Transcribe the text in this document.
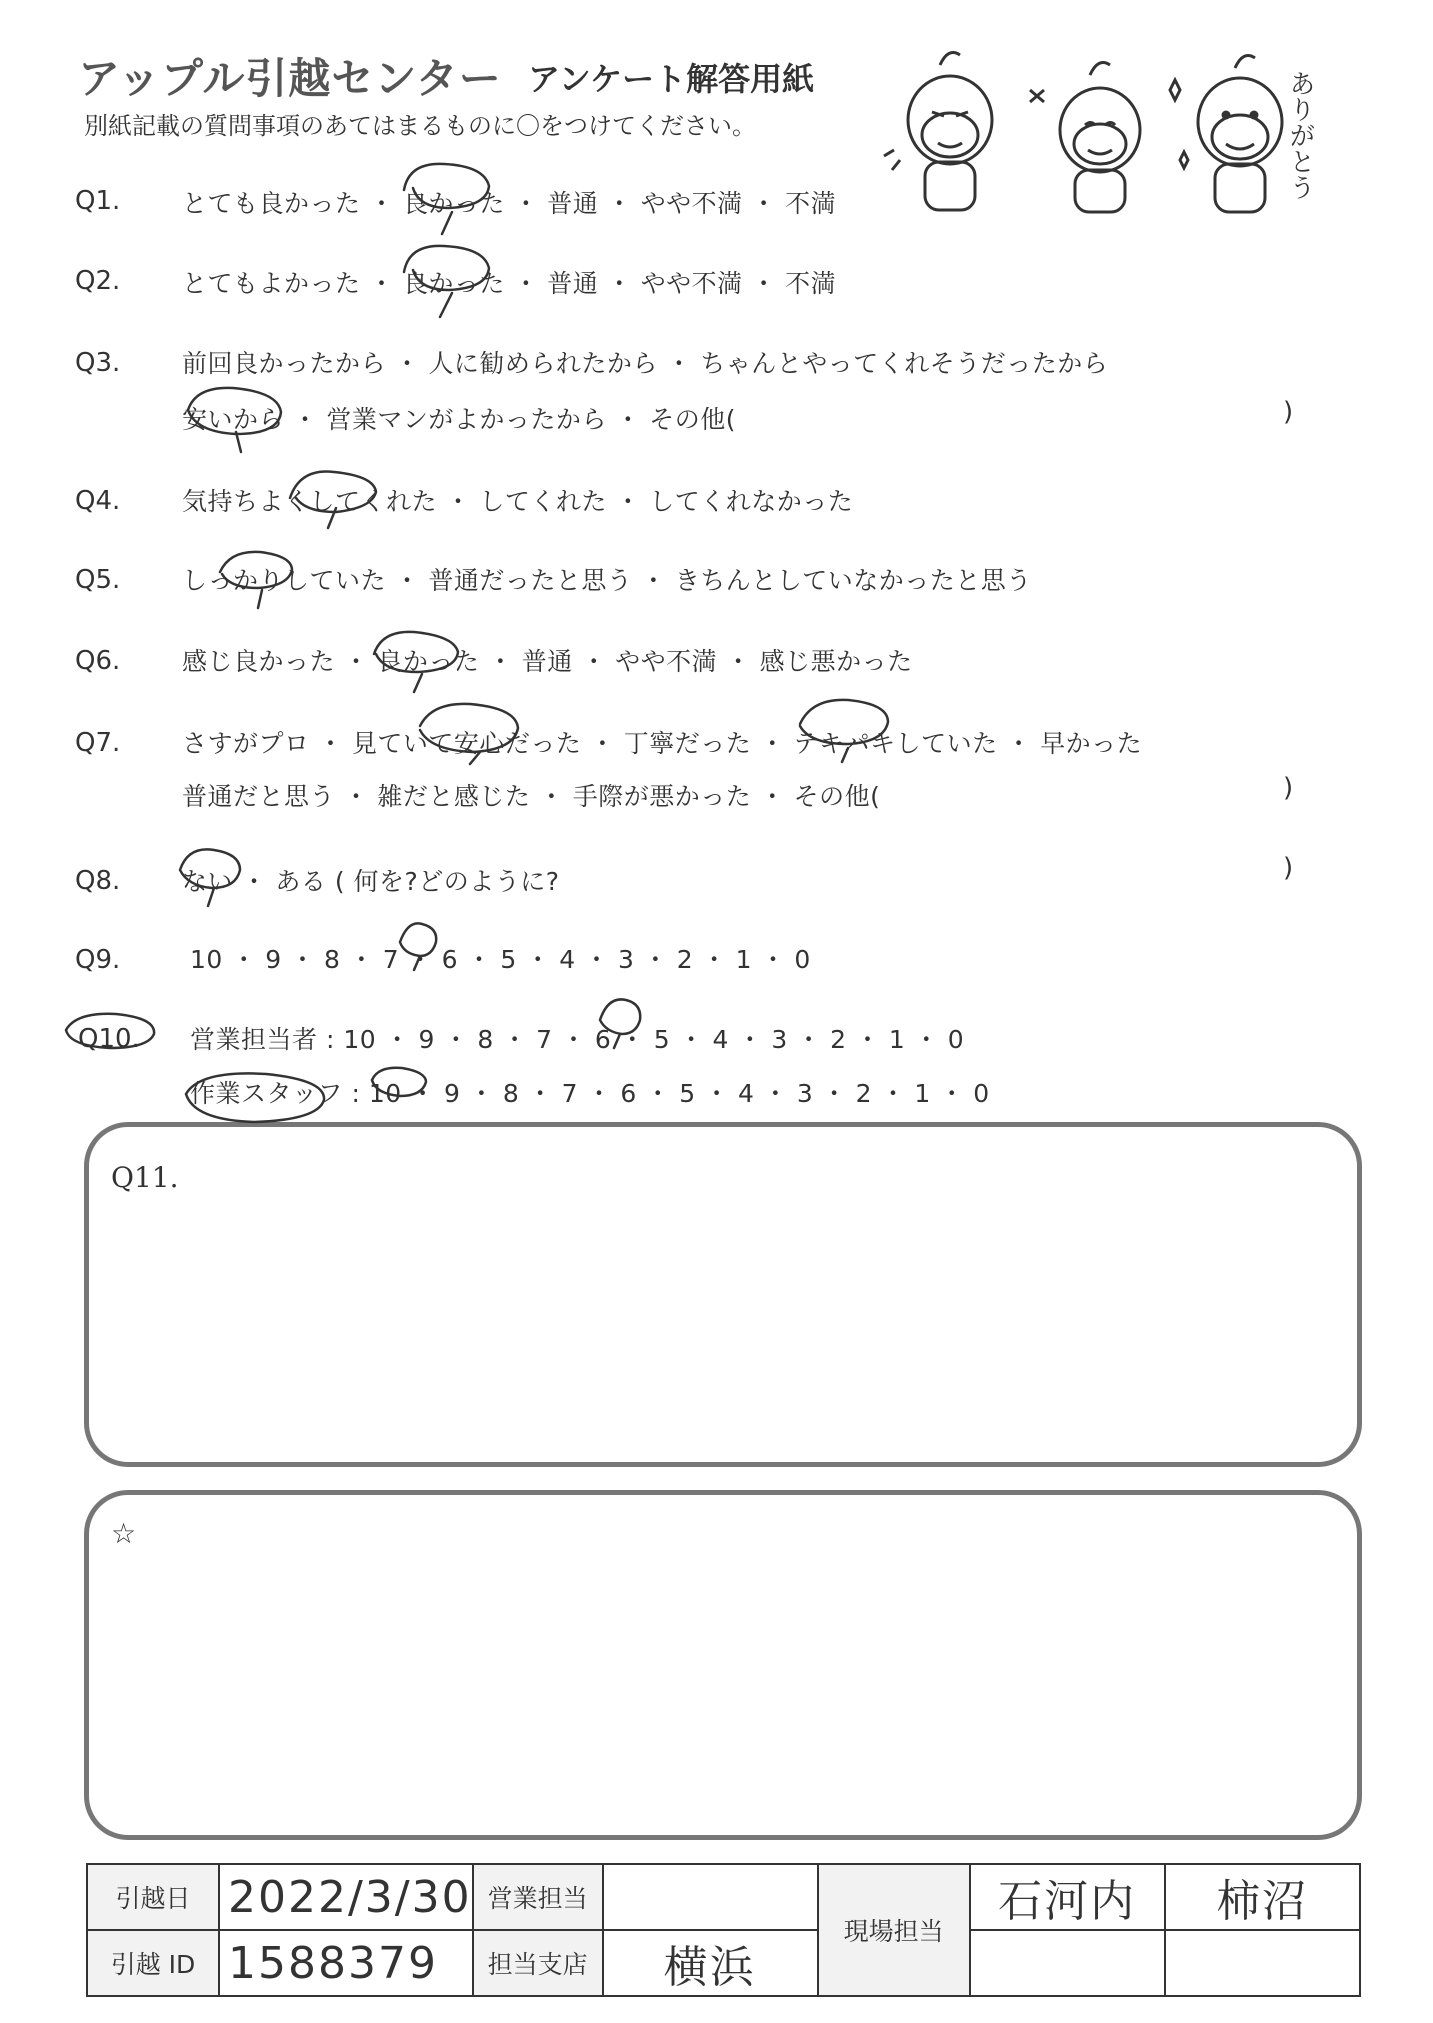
アップル引越センター アンケート解答用紙
別紙記載の質問事項のあてはまるものに〇をつけてください。	ありがとう
Q1. とても良かった ・ 良かった ・ 普通 ・ やや不満 ・ 不満
Q2. とてもよかった ・ 良かった ・ 普通 ・ やや不満 ・ 不満
Q3. 前回良かったから ・ 人に勧められたから ・ ちゃんとやってくれそうだったから
安いから ・ 営業マンがよかったから ・ その他(	)
Q4. 気持ちよくしてくれた ・ してくれた ・ してくれなかった
Q5. しっかりしていた ・ 普通だったと思う ・ きちんとしていなかったと思う
Q6. 感じ良かった ・ 良かった ・ 普通 ・ やや不満 ・ 感じ悪かった
Q7. さすがプロ ・ 見ていて安心だった ・ 丁寧だった ・ テキパキしていた ・ 早かった
普通だと思う ・ 雑だと感じた ・ 手際が悪かった ・ その他(	)
Q8. ない ・ ある ( 何を?どのように?	)
Q9.	10 ・ 9 ・ 8 ・ 7 ・ 6 ・ 5 ・ 4 ・ 3 ・ 2 ・ 1 ・ 0
Q10. 営業担当者 : 10 ・ 9 ・ 8 ・ 7 ・ 6 ・ 5 ・ 4 ・ 3 ・ 2 ・ 1 ・ 0
作業スタッフ : 10 ・ 9 ・ 8 ・ 7 ・ 6 ・ 5 ・ 4 ・ 3 ・ 2 ・ 1 ・ 0
Q11.
☆
引越日	2022/3/30	営業担当		現場担当	石河内	柿沼
引越 ID	1588379	担当支店	横浜			
